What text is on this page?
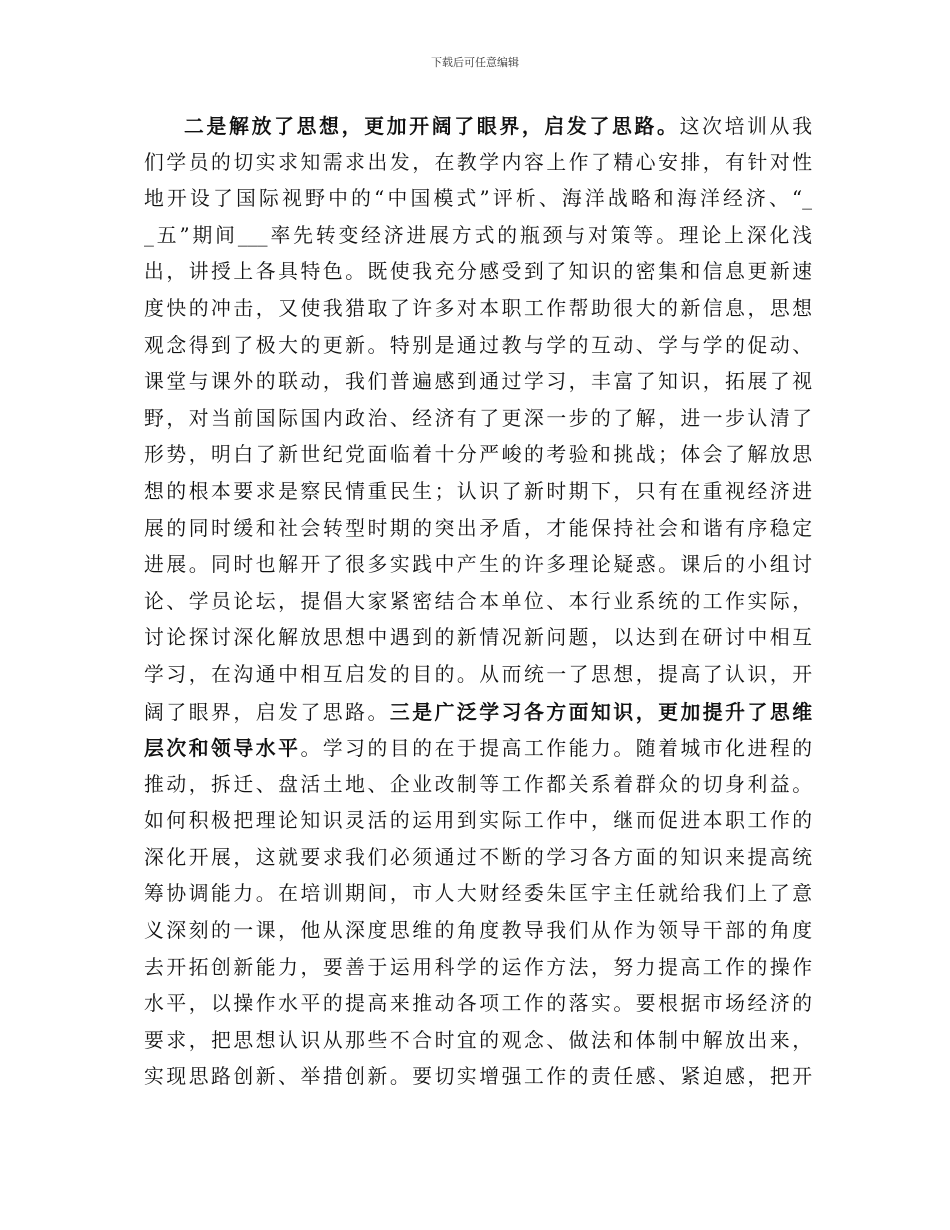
下载后可任意编辑
二是解放了思想，更加开阔了眼界，启发了思路。这次培训从我
们学员的切实求知需求出发，在教学内容上作了精心安排，有针对性
地开设了国际视野中的“中国模式”评析、海洋战略和海洋经济、“_
_五”期间___率先转变经济进展方式的瓶颈与对策等。理论上深化浅
出，讲授上各具特色。既使我充分感受到了知识的密集和信息更新速
度快的冲击，又使我猎取了许多对本职工作帮助很大的新信息，思想
观念得到了极大的更新。特别是通过教与学的互动、学与学的促动、
课堂与课外的联动，我们普遍感到通过学习，丰富了知识，拓展了视
野，对当前国际国内政治、经济有了更深一步的了解，进一步认清了
形势，明白了新世纪党面临着十分严峻的考验和挑战；体会了解放思
想的根本要求是察民情重民生；认识了新时期下，只有在重视经济进
展的同时缓和社会转型时期的突出矛盾，才能保持社会和谐有序稳定
进展。同时也解开了很多实践中产生的许多理论疑惑。课后的小组讨
论、学员论坛，提倡大家紧密结合本单位、本行业系统的工作实际，
讨论探讨深化解放思想中遇到的新情况新问题，以达到在研讨中相互
学习，在沟通中相互启发的目的。从而统一了思想，提高了认识，开
阔了眼界，启发了思路。三是广泛学习各方面知识，更加提升了思维
层次和领导水平。学习的目的在于提高工作能力。随着城市化进程的
推动，拆迁、盘活土地、企业改制等工作都关系着群众的切身利益。
如何积极把理论知识灵活的运用到实际工作中，继而促进本职工作的
深化开展，这就要求我们必须通过不断的学习各方面的知识来提高统
筹协调能力。在培训期间，市人大财经委朱匡宇主任就给我们上了意
义深刻的一课，他从深度思维的角度教导我们从作为领导干部的角度
去开拓创新能力，要善于运用科学的运作方法，努力提高工作的操作
水平，以操作水平的提高来推动各项工作的落实。要根据市场经济的
要求，把思想认识从那些不合时宜的观念、做法和体制中解放出来，
实现思路创新、举措创新。要切实增强工作的责任感、紧迫感，把开
